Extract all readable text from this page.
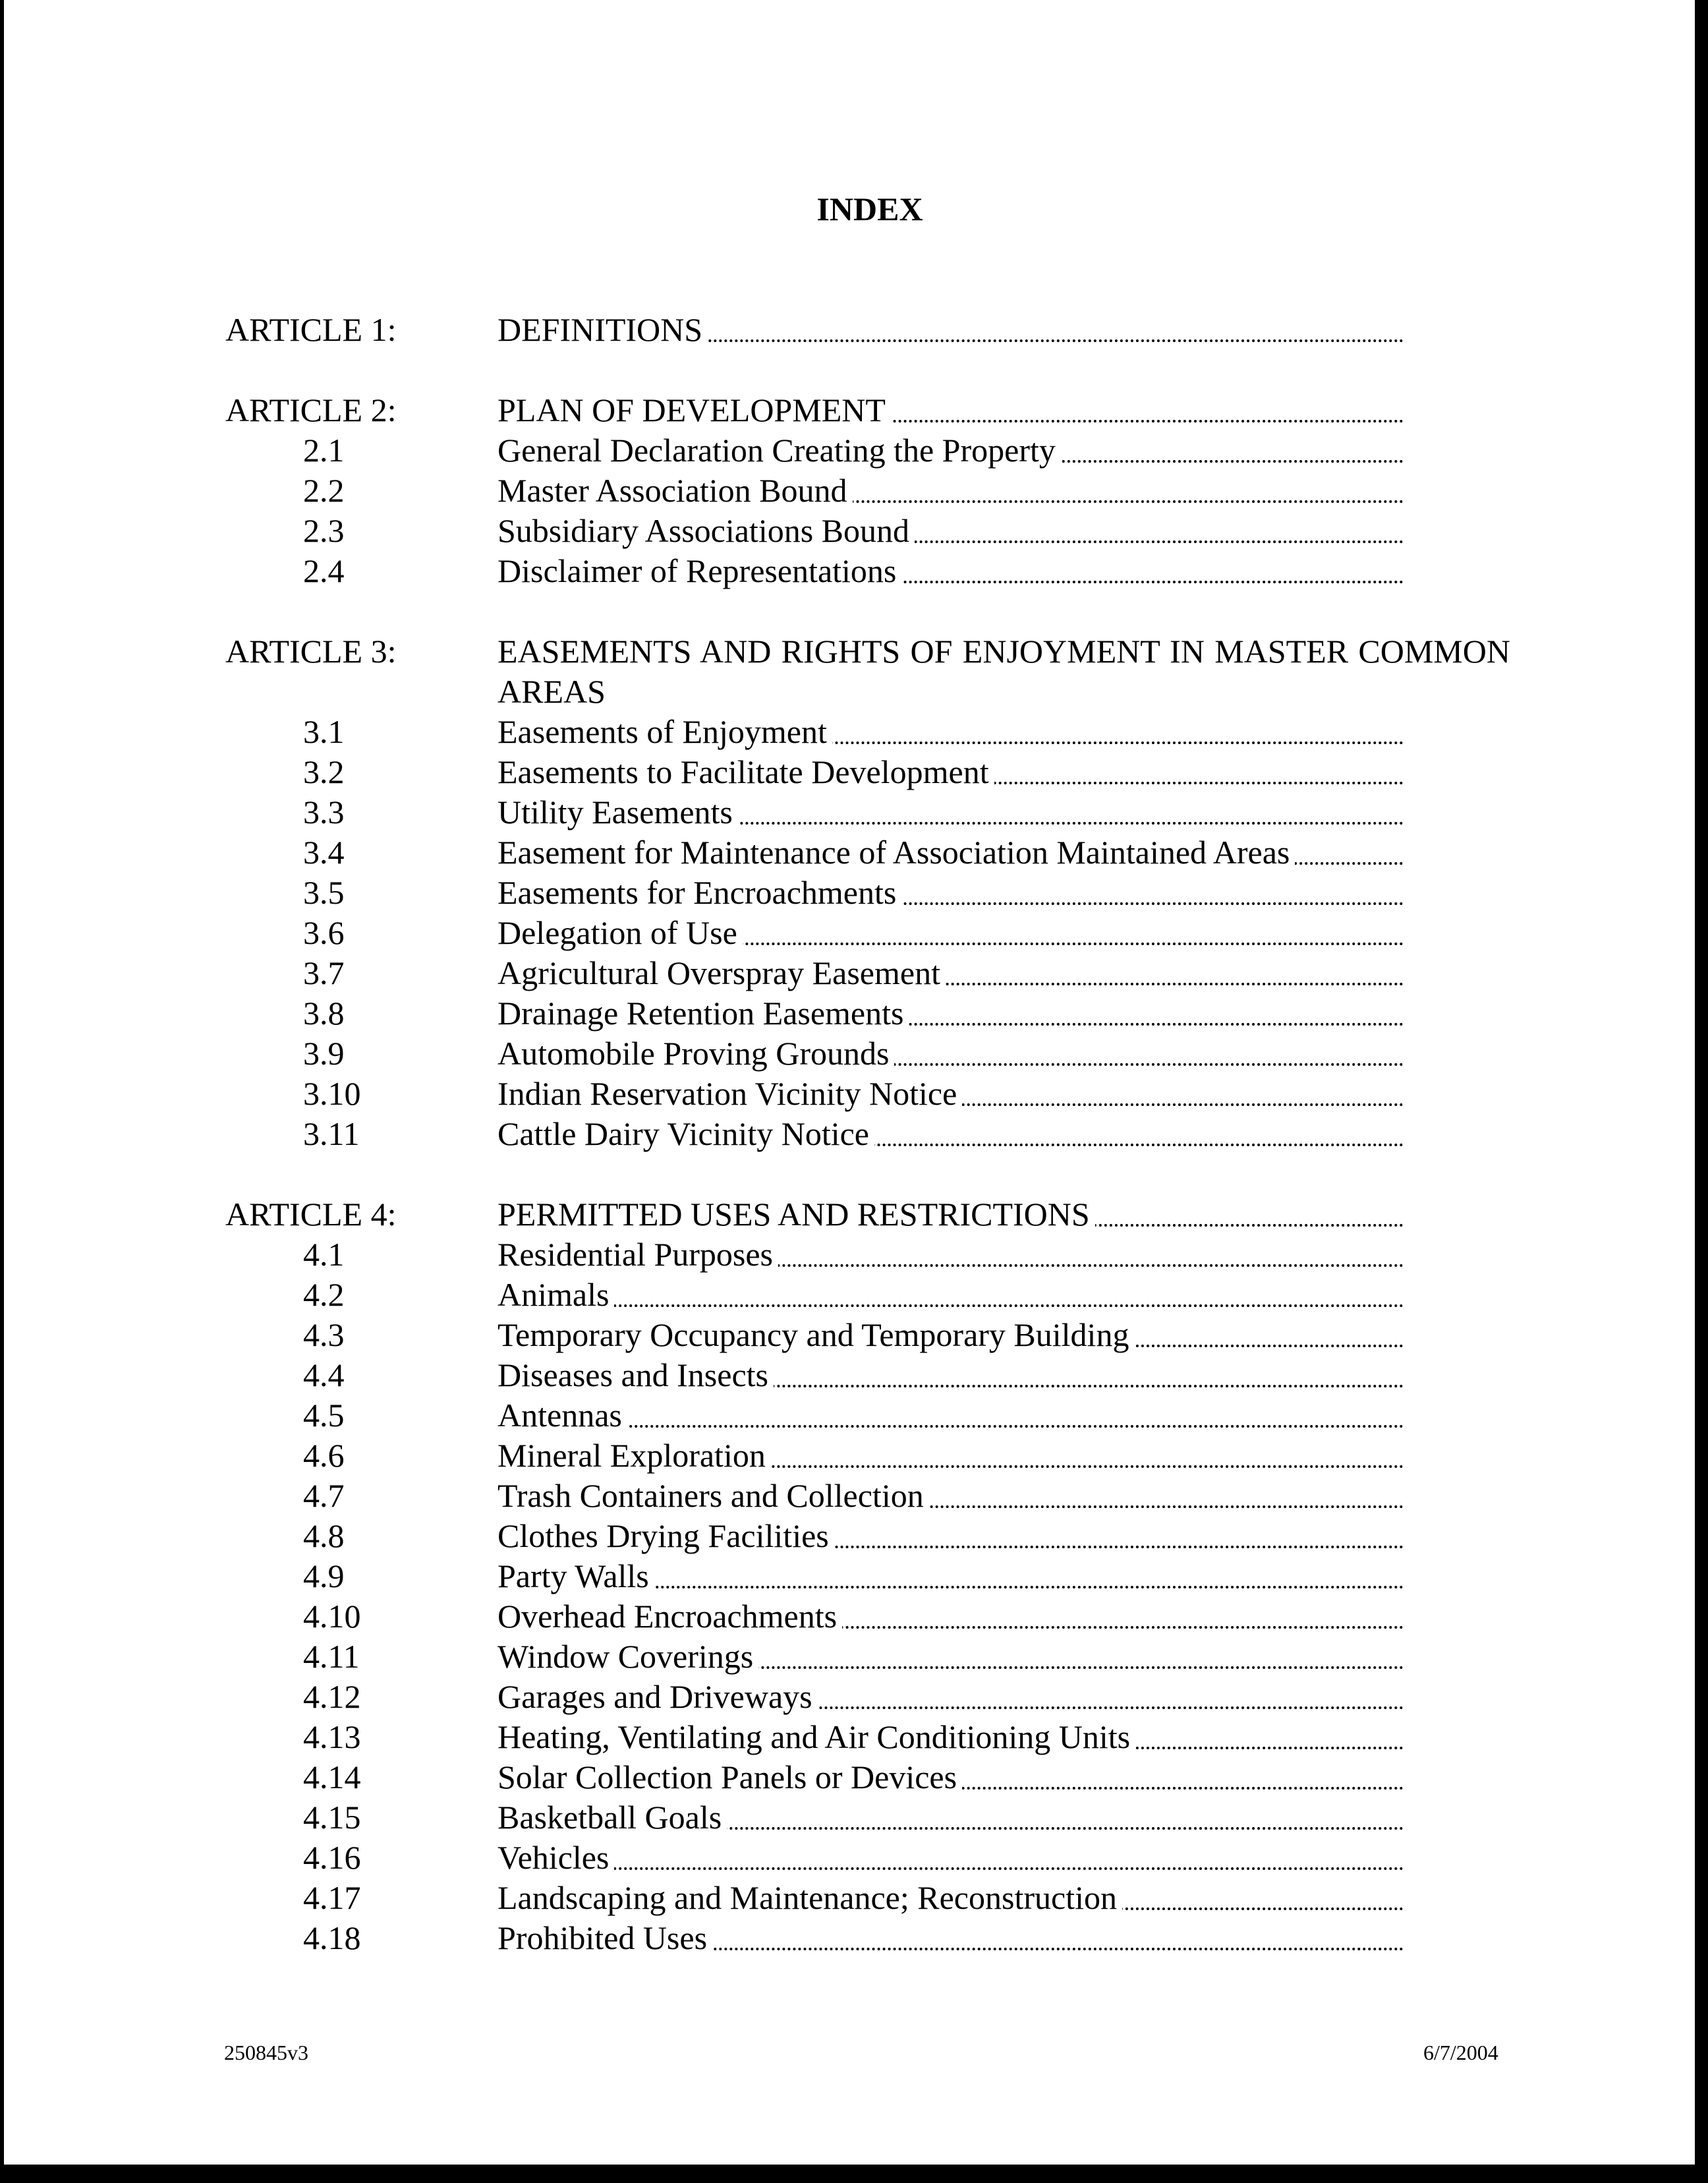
INDEX
ARTICLE 1:	DEFINITIONS
ARTICLE 2:	PLAN OF DEVELOPMENT
2.1	General Declaration Creating the Property
2.2	Master Association Bound
2.3	Subsidiary Associations Bound
2.4	Disclaimer of Representations
ARTICLE 3:	EASEMENTS AND RIGHTS OF ENJOYMENT IN MASTER COMMON AREAS
3.1	Easements of Enjoyment
3.2	Easements to Facilitate Development
3.3	Utility Easements
3.4	Easement for Maintenance of Association Maintained Areas
3.5	Easements for Encroachments
3.6	Delegation of Use
3.7	Agricultural Overspray Easement
3.8	Drainage Retention Easements
3.9	Automobile Proving Grounds
3.10	Indian Reservation Vicinity Notice
3.11	Cattle Dairy Vicinity Notice
ARTICLE 4:	PERMITTED USES AND RESTRICTIONS
4.1	Residential Purposes
4.2	Animals
4.3	Temporary Occupancy and Temporary Building
4.4	Diseases and Insects
4.5	Antennas
4.6	Mineral Exploration
4.7	Trash Containers and Collection
4.8	Clothes Drying Facilities
4.9	Party Walls
4.10	Overhead Encroachments
4.11	Window Coverings
4.12	Garages and Driveways
4.13	Heating, Ventilating and Air Conditioning Units
4.14	Solar Collection Panels or Devices
4.15	Basketball Goals
4.16	Vehicles
4.17	Landscaping and Maintenance; Reconstruction
4.18	Prohibited Uses
250845v3	6/7/2004
